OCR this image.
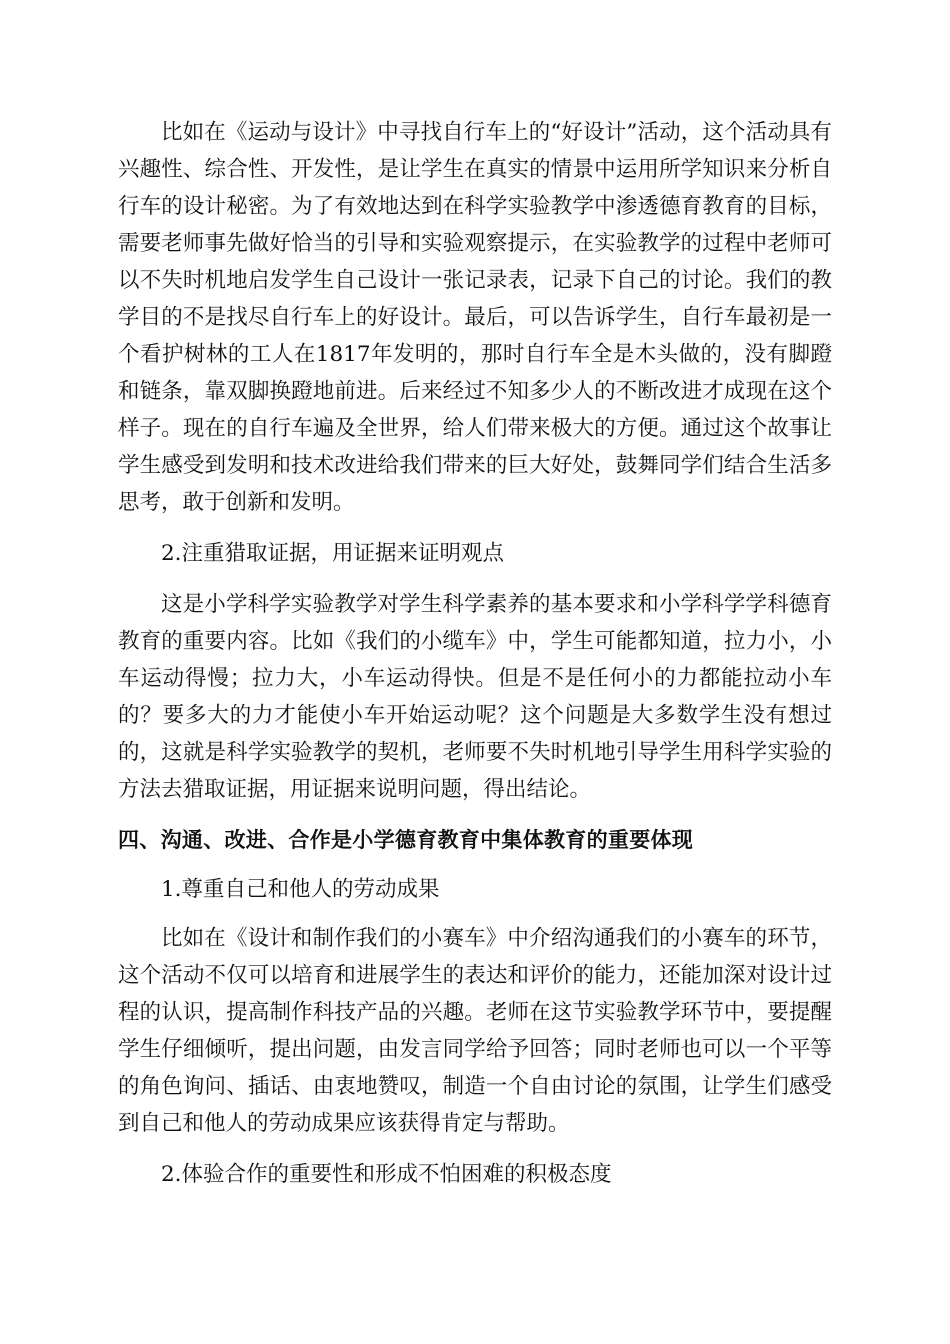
比如在《运动与设计》中寻找自行车上的“好设计”活动，这个活动具有兴趣性、综合性、开发性，是让学生在真实的情景中运用所学知识来分析自行车的设计秘密。为了有效地达到在科学实验教学中渗透德育教育的目标，需要老师事先做好恰当的引导和实验观察提示，在实验教学的过程中老师可以不失时机地启发学生自己设计一张记录表，记录下自己的讨论。我们的教学目的不是找尽自行车上的好设计。最后，可以告诉学生，自行车最初是一个看护树林的工人在1817年发明的，那时自行车全是木头做的，没有脚蹬和链条，靠双脚换蹬地前进。后来经过不知多少人的不断改进才成现在这个样子。现在的自行车遍及全世界，给人们带来极大的方便。通过这个故事让学生感受到发明和技术改进给我们带来的巨大好处，鼓舞同学们结合生活多思考，敢于创新和发明。

2.注重猎取证据，用证据来证明观点

这是小学科学实验教学对学生科学素养的基本要求和小学科学学科德育教育的重要内容。比如《我们的小缆车》中，学生可能都知道，拉力小，小车运动得慢；拉力大，小车运动得快。但是不是任何小的力都能拉动小车的？要多大的力才能使小车开始运动呢？这个问题是大多数学生没有想过的，这就是科学实验教学的契机，老师要不失时机地引导学生用科学实验的方法去猎取证据，用证据来说明问题，得出结论。

四、沟通、改进、合作是小学德育教育中集体教育的重要体现

1.尊重自己和他人的劳动成果

比如在《设计和制作我们的小赛车》中介绍沟通我们的小赛车的环节，这个活动不仅可以培育和进展学生的表达和评价的能力，还能加深对设计过程的认识，提高制作科技产品的兴趣。老师在这节实验教学环节中，要提醒学生仔细倾听，提出问题，由发言同学给予回答；同时老师也可以一个平等的角色询问、插话、由衷地赞叹，制造一个自由讨论的氛围，让学生们感受到自己和他人的劳动成果应该获得肯定与帮助。

2.体验合作的重要性和形成不怕困难的积极态度
